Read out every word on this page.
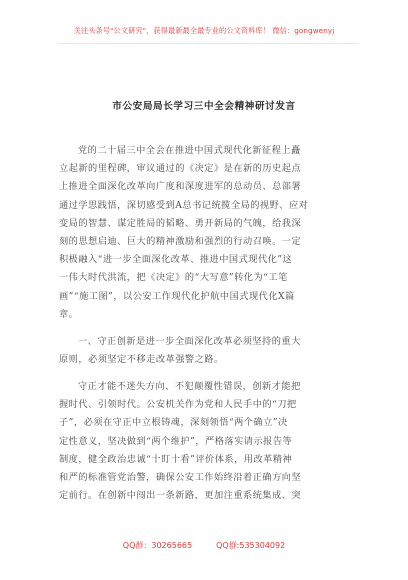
关注头条号"公文研究"，获得最新最全最专业的公文资料库！ 微信：gongwenyj
市公安局局长学习三中全会精神研讨发言
党的二十届三中全会在推进中国式现代化新征程上矗
立起新的里程碑，审议通过的《决定》是在新的历史起点
上推进全面深化改革向广度和深度进军的总动员、总部署
通过学思践悟，深切感受到A总书记统揽全局的视野、应对
变局的智慧、谋定胜局的韬略、勇开新局的气魄，给我深
刻的思想启迪、巨大的精神激励和强烈的行动召唤。一定
积极融入“进一步全面深化改革、推进中国式现代化”这
一伟大时代洪流，把《决定》的“大写意”转化为“工笔
画”“施工图”，以公安工作现代化护航中国式现代化X篇
章。
一、守正创新是进一步全面深化改革必须坚持的重大
原则，必须坚定不移走改革强警之路。
守正才能不迷失方向、不犯颠覆性错误，创新才能把
握时代、引领时代。公安机关作为党和人民手中的“刀把
子”，必须在守正中立根铸魂，深刻领悟“两个确立”决
定性意义，坚决做到“两个维护”，严格落实请示报告等
制度，健全政治忠诚“十盯十看”评价体系，用改革精神
和严的标准管党治警，确保公安工作始终沿着正确方向坚
定前行。在创新中闯出一条新路，更加注重系统集成、突
QQ群：30265665	QQ群:535304092
